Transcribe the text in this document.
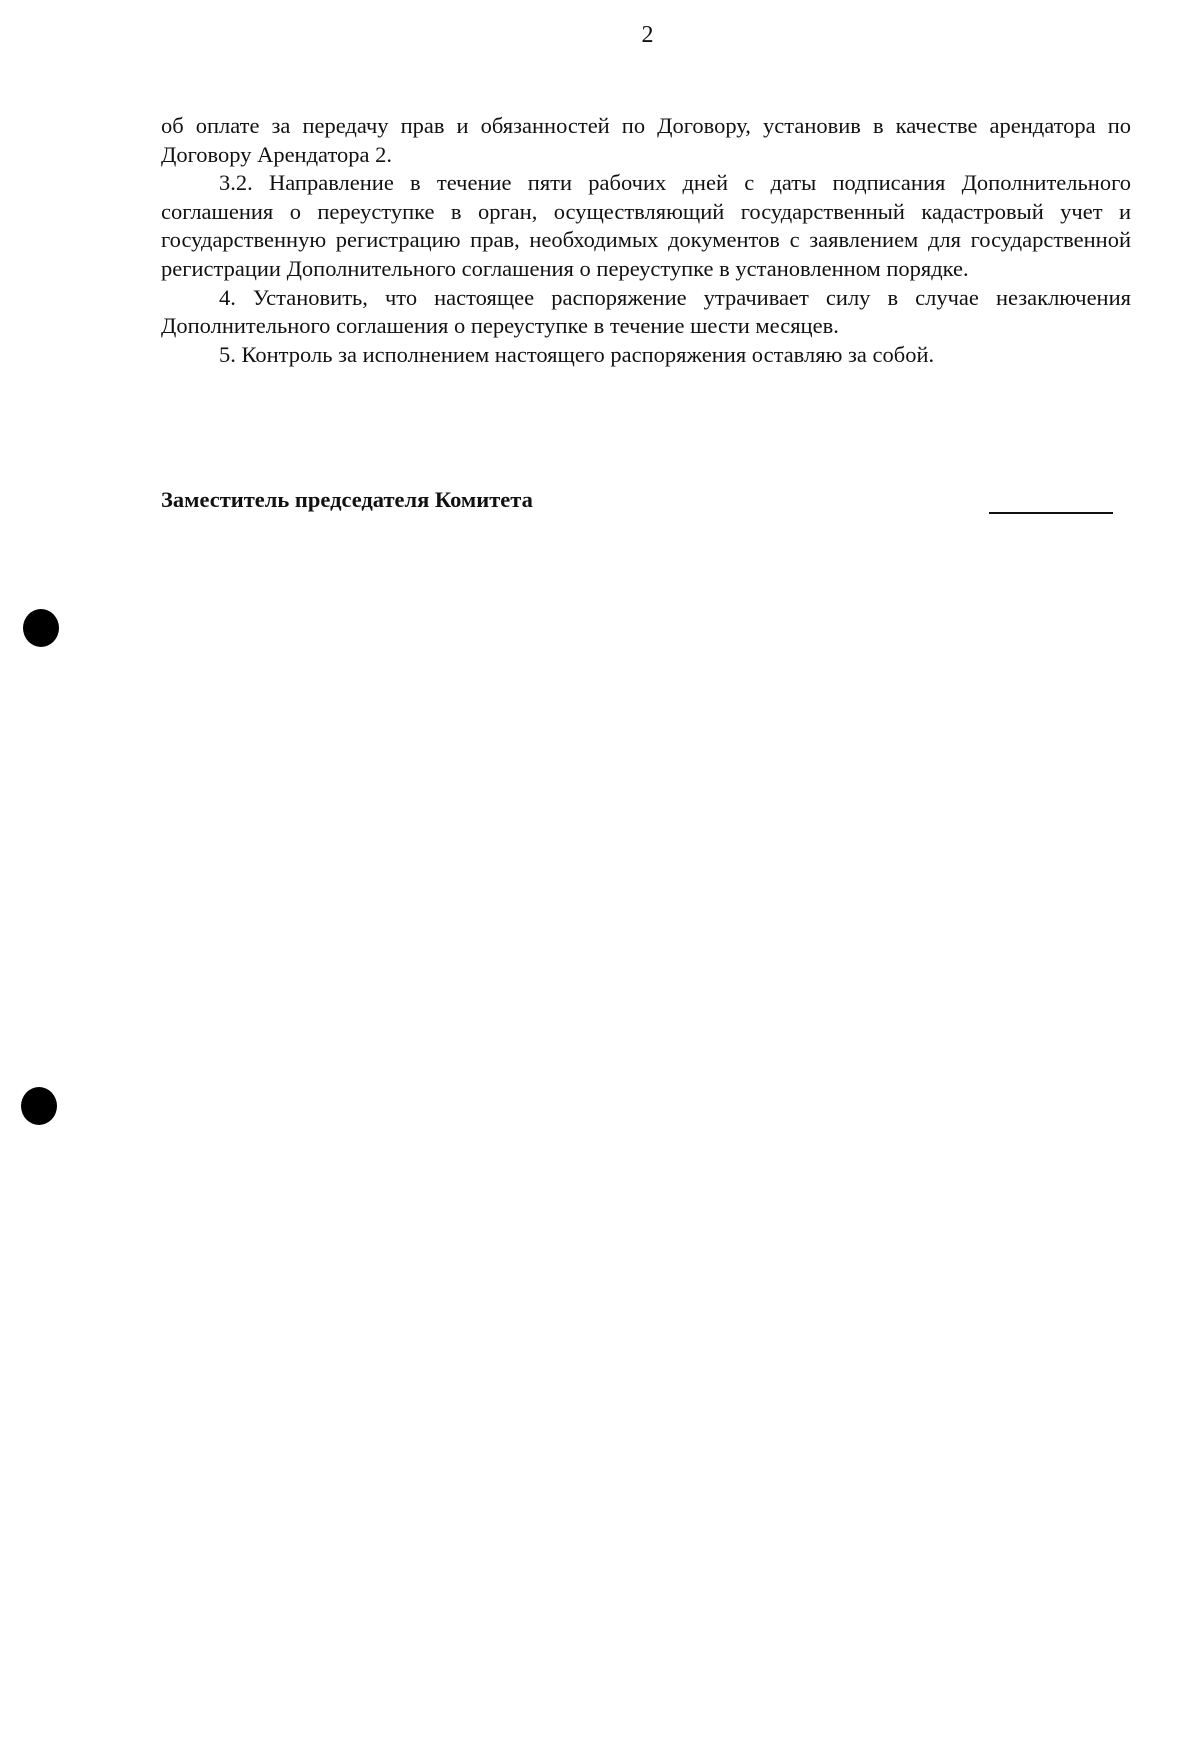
2

об оплате за передачу прав и обязанностей по Договору, установив в качестве арендатора по Договору Арендатора 2.

3.2. Направление в течение пяти рабочих дней с даты подписания Дополнительного соглашения о переуступке в орган, осуществляющий государственный кадастровый учет и государственную регистрацию прав, необходимых документов с заявлением для государственной регистрации Дополнительного соглашения о переуступке в установленном порядке.

4. Установить, что настоящее распоряжение утрачивает силу в случае незаключения Дополнительного соглашения о переуступке в течение шести месяцев.

5. Контроль за исполнением настоящего распоряжения оставляю за собой.

Заместитель председателя Комитета
